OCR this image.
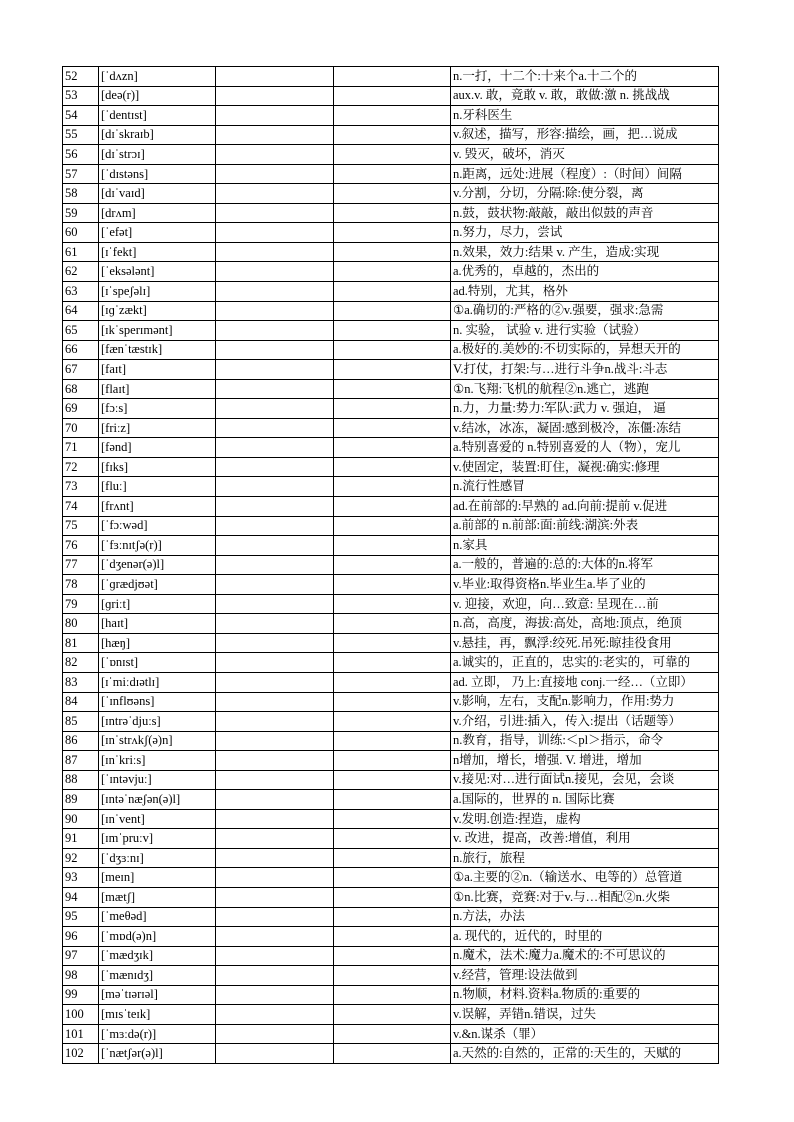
52	[ˈdʌzn]			n.一打，十二个:十来个a.十二个的
53	[deə(r)]			aux.v. 敢，竟敢 v. 敢，敢做:激 n. 挑战战
54	[ˈdentɪst]			n.牙科医生
55	[dɪˈskraɪb]			v.叙述，描写，形容:描绘，画，把…说成
56	[dɪˈstrɔɪ]			v. 毁灭，破坏，消灭
57	[ˈdɪstəns]			n.距离，远处:进展（程度）:（时间）间隔
58	[dɪˈvaɪd]			v.分割，分切，分隔:除:使分裂，离
59	[drʌm]			n.鼓，鼓状物:敲敲，敲出似鼓的声音
60	[ˈefət]			n.努力，尽力，尝试
61	[ɪˈfekt]			n.效果，效力:结果 v. 产生，造成:实现
62	[ˈeksələnt]			a.优秀的，卓越的，杰出的
63	[ɪˈspeʃəlɪ]			ad.特别，尤其，格外
64	[ɪɡˈzækt]			①a.确切的:严格的②v.强要，强求:急需
65	[ɪkˈsperɪmənt]			n. 实验， 试验 v. 进行实验（试验）
66	[fænˈtæstɪk]			a.极好的.美妙的:不切实际的，异想天开的
67	[faɪt]			V.打仗，打架:与…进行斗争n.战斗:斗志
68	[flaɪt]			①n.飞翔:飞机的航程②n.逃亡，逃跑
69	[fɔːs]			n.力，力量:势力:军队:武力 v. 强迫， 逼
70	[friːz]			v.结冰，冰冻，凝固:感到极冷，冻僵:冻结
71	[fənd]			a.特别喜爱的 n.特别喜爱的人（物），宠儿
72	[fɪks]			v.使固定，装置:盯住，凝视:确实:修理
73	[fluː]			n.流行性感冒
74	[frʌnt]			ad.在前部的:早熟的 ad.向前:提前 v.促进
75	[ˈfɔːwəd]			a.前部的 n.前部:面:前线:湖滨:外表
76	[ˈfɜːnɪtʃə(r)]			n.家具
77	[ˈdʒenər(ə)l]			a.一般的，普遍的:总的:大体的n.将军
78	[ˈɡrædjʊət]			v.毕业:取得资格n.毕业生a.毕了业的
79	[ɡriːt]			v. 迎接，欢迎，向…致意: 呈现在…前
80	[haɪt]			n.高，高度，海拔:高处，高地:顶点，绝顶
81	[hæŋ]			v.悬挂，再，飘浮:绞死.吊死:晾挂役食用
82	[ˈɒnɪst]			a.诚实的，正直的，忠实的:老实的，可靠的
83	[ɪˈmiːdɪətlɪ]			ad. 立即， 乃上:直接地 conj.一经…（立即）
84	[ˈɪnflʊəns]			v.影响，左右，支配n.影响力，作用:势力
85	[ɪntrəˈdjuːs]			v.介绍，引进:插入，传入:提出（话题等）
86	[ɪnˈstrʌkʃ(ə)n]			n.教育，指导，训练:＜pl＞指示，命令
87	[ɪnˈkriːs]			n增加，增长，增强. V. 增进，增加
88	[ˈɪntəvjuː]			v.接见:对…进行面试n.接见，会见，会谈
89	[ɪntəˈnæʃən(ə)l]			a.国际的，世界的 n. 国际比赛
90	[ɪnˈvent]			v.发明.创造:捏造，虚构
91	[ɪmˈpruːv]			v. 改进，提高，改善:增值，利用
92	[ˈdʒɜːnɪ]			n.旅行，旅程
93	[meɪn]			①a.主要的②n.（输送水、电等的）总管道
94	[mætʃ]			①n.比赛，竞赛:对于v.与…相配②n.火柴
95	[ˈmeθəd]			n.方法，办法
96	[ˈmɒd(ə)n]			a. 现代的，近代的，时里的
97	[ˈmædʒɪk]			n.魔术，法术:魔力a.魔术的:不可思议的
98	[ˈmænɪdʒ]			v.经营，管理:设法做到
99	[məˈtɪərɪəl]			n.物顺，材料.资料a.物质的:重要的
100	[mɪsˈteɪk]			v.误解，弄错n.错误，过失
101	[ˈmɜːdə(r)]			v.&n.谋杀（罪）
102	[ˈnætʃər(ə)l]			a.天然的:自然的，正常的:天生的，天赋的
